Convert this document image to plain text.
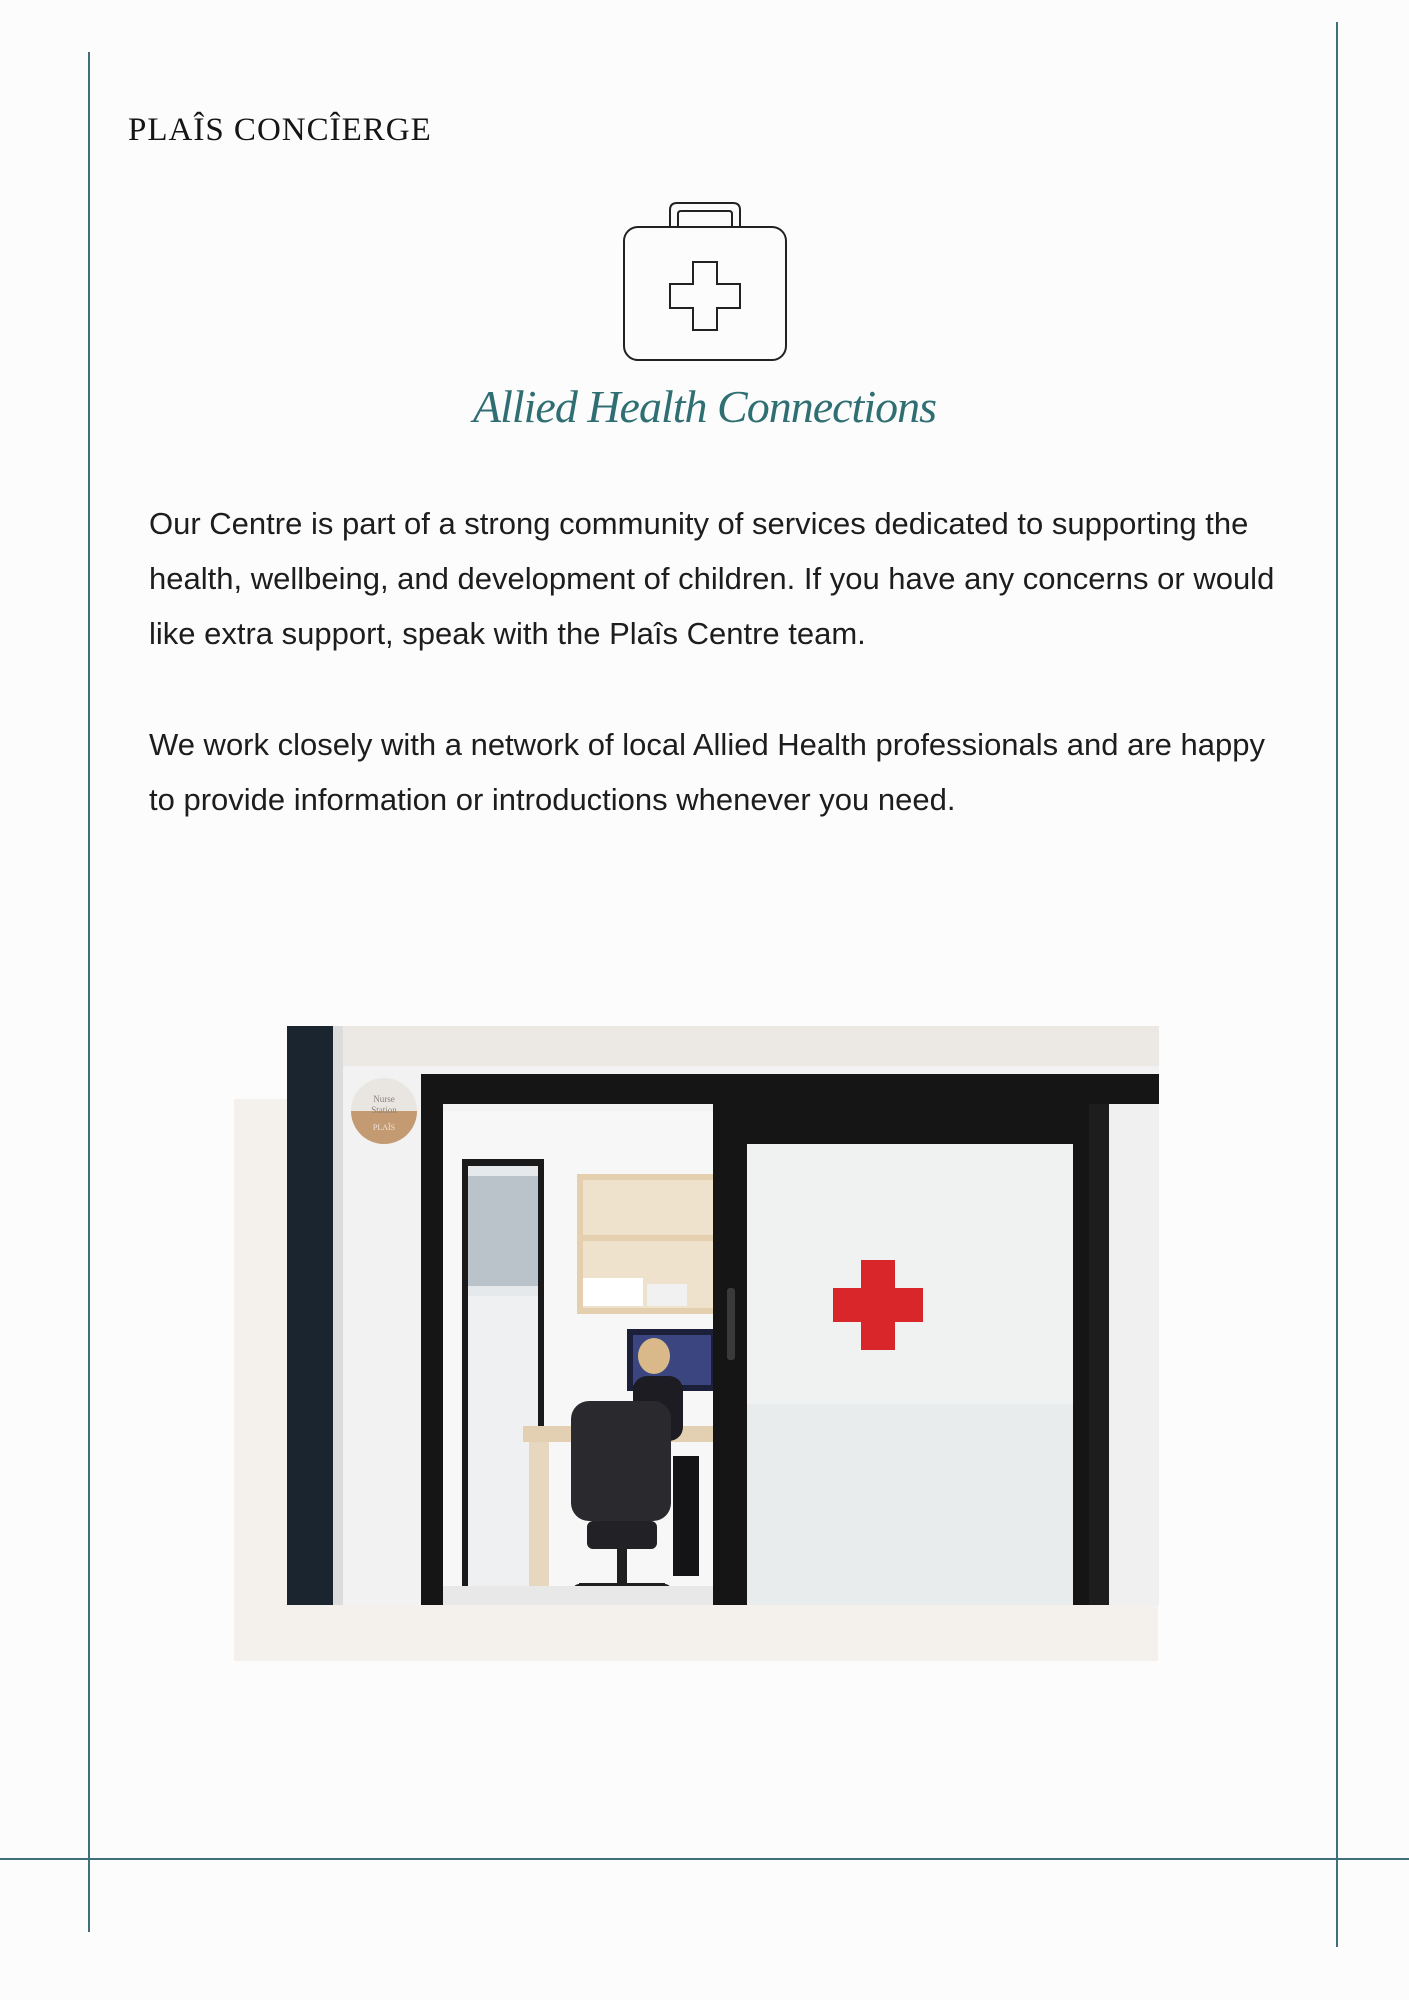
PLAÎS CONCÎERGE
Allied Health Connections

Our Centre is part of a strong community of services dedicated to supporting the health, wellbeing, and development of children. If you have any concerns or would like extra support, speak with the Plaîs Centre team.

We work closely with a network of local Allied Health professionals and are happy to provide information or introductions whenever you need.

Nurse
Station
PLAÎS
